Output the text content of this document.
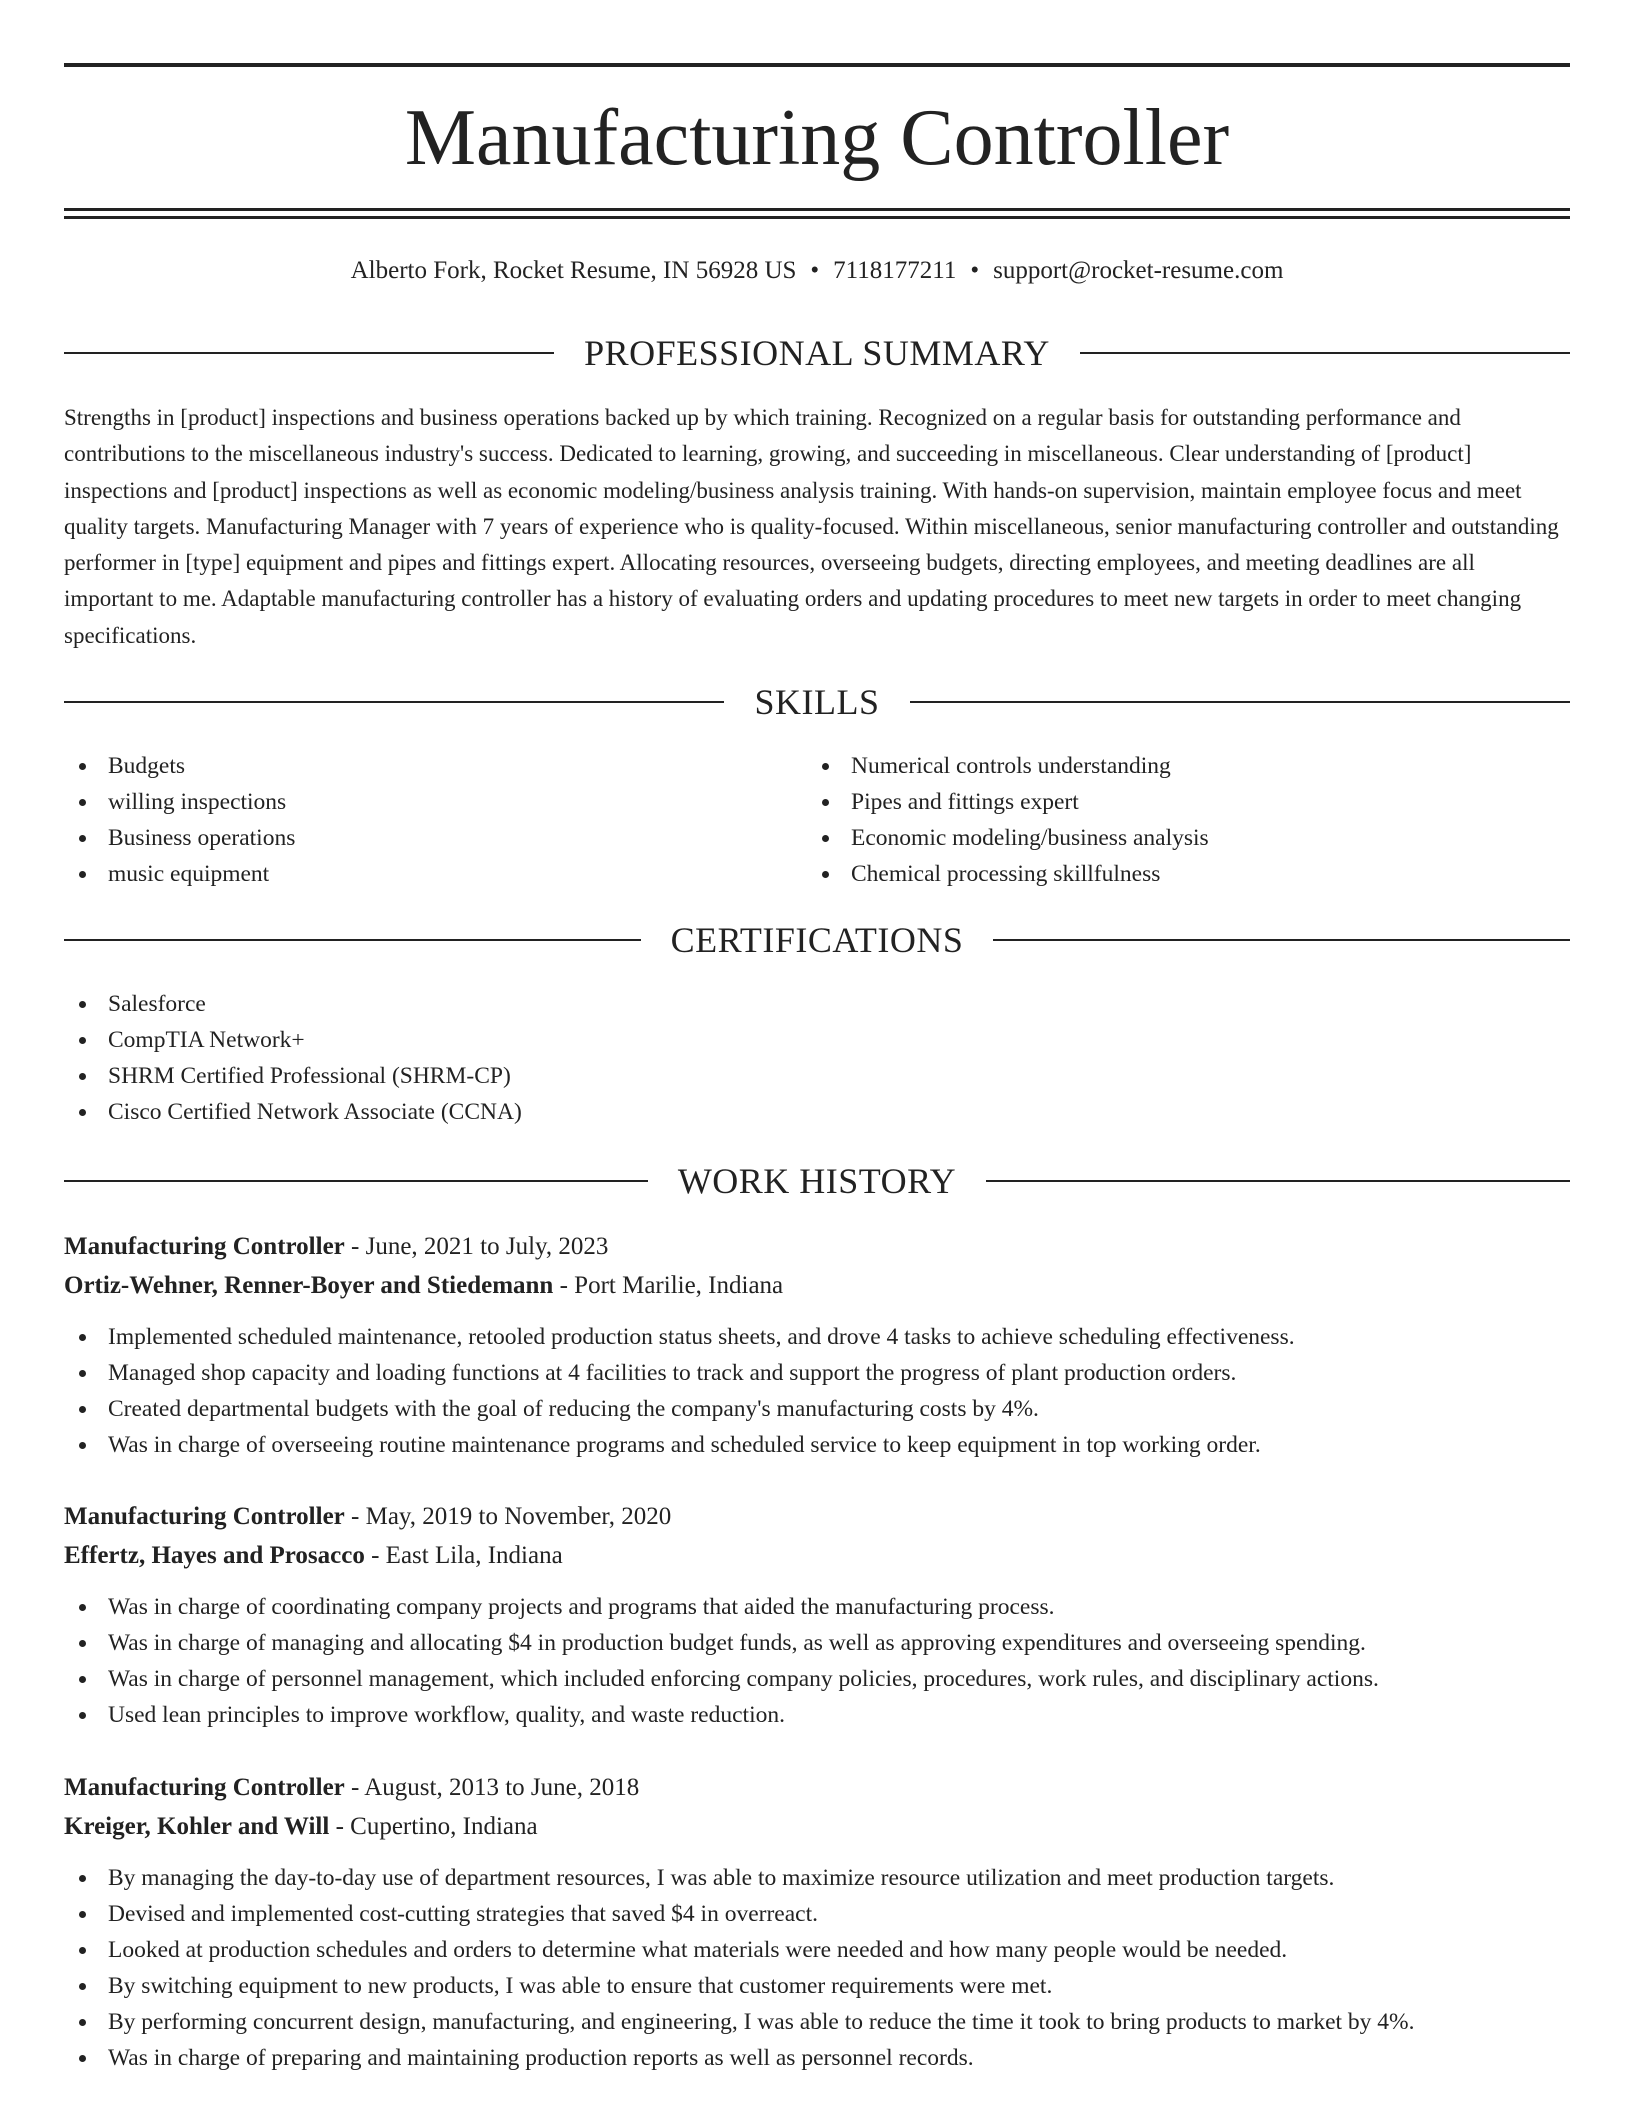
Manufacturing Controller
Alberto Fork, Rocket Resume, IN 56928 US • 7118177211 • support@rocket-resume.com
PROFESSIONAL SUMMARY
Strengths in [product] inspections and business operations backed up by which training. Recognized on a regular basis for outstanding performance and contributions to the miscellaneous industry's success. Dedicated to learning, growing, and succeeding in miscellaneous. Clear understanding of [product] inspections and [product] inspections as well as economic modeling/business analysis training. With hands-on supervision, maintain employee focus and meet quality targets. Manufacturing Manager with 7 years of experience who is quality-focused. Within miscellaneous, senior manufacturing controller and outstanding performer in [type] equipment and pipes and fittings expert. Allocating resources, overseeing budgets, directing employees, and meeting deadlines are all important to me. Adaptable manufacturing controller has a history of evaluating orders and updating procedures to meet new targets in order to meet changing specifications.
SKILLS
Budgets
willing inspections
Business operations
music equipment
Numerical controls understanding
Pipes and fittings expert
Economic modeling/business analysis
Chemical processing skillfulness
CERTIFICATIONS
Salesforce
CompTIA Network+
SHRM Certified Professional (SHRM-CP)
Cisco Certified Network Associate (CCNA)
WORK HISTORY
Manufacturing Controller - June, 2021 to July, 2023
Ortiz-Wehner, Renner-Boyer and Stiedemann - Port Marilie, Indiana
Implemented scheduled maintenance, retooled production status sheets, and drove 4 tasks to achieve scheduling effectiveness.
Managed shop capacity and loading functions at 4 facilities to track and support the progress of plant production orders.
Created departmental budgets with the goal of reducing the company's manufacturing costs by 4%.
Was in charge of overseeing routine maintenance programs and scheduled service to keep equipment in top working order.
Manufacturing Controller - May, 2019 to November, 2020
Effertz, Hayes and Prosacco - East Lila, Indiana
Was in charge of coordinating company projects and programs that aided the manufacturing process.
Was in charge of managing and allocating $4 in production budget funds, as well as approving expenditures and overseeing spending.
Was in charge of personnel management, which included enforcing company policies, procedures, work rules, and disciplinary actions.
Used lean principles to improve workflow, quality, and waste reduction.
Manufacturing Controller - August, 2013 to June, 2018
Kreiger, Kohler and Will - Cupertino, Indiana
By managing the day-to-day use of department resources, I was able to maximize resource utilization and meet production targets.
Devised and implemented cost-cutting strategies that saved $4 in overreact.
Looked at production schedules and orders to determine what materials were needed and how many people would be needed.
By switching equipment to new products, I was able to ensure that customer requirements were met.
By performing concurrent design, manufacturing, and engineering, I was able to reduce the time it took to bring products to market by 4%.
Was in charge of preparing and maintaining production reports as well as personnel records.
